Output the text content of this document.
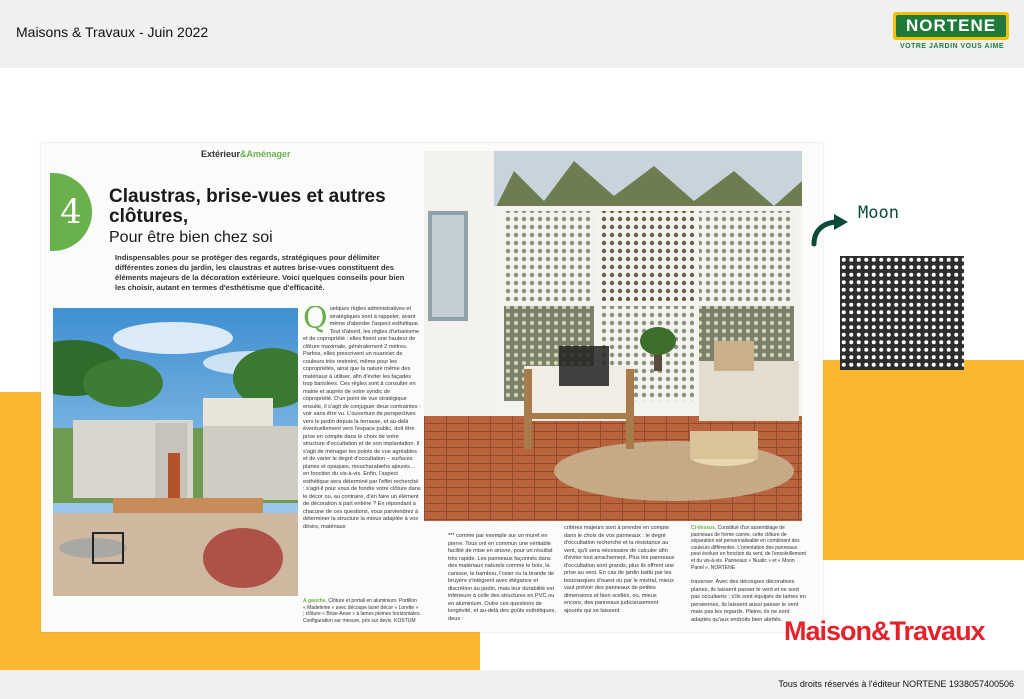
Maisons & Travaux - Juin 2022	NORTENE
VOTRE JARDIN VOUS AIME
Extérieur&Aménager
4	Claustras, brise-vues et autres clôtures,
Pour être bien chez soi
Indispensables pour se protéger des regards, stratégiques pour délimiter différentes zones du jardin, les claustras et autres brise-vues constituent des éléments majeurs de la décoration extérieure. Voici quelques conseils pour bien les choisir, autant en termes d'esthétisme que d'efficacité.
Quelques règles administratives et stratégiques sont à rappeler, avant même d'aborder l'aspect esthétique. Tout d'abord, les règles d'urbanisme et de copropriété : elles fixent une hauteur de clôture maximale, généralement 2 mètres. Parfois, elles prescrivent un nuancier de couleurs très restreint, même pour les copropriétés, ainsi que la nature même des matériaux à utiliser, afin d'éviter les façades trop bariolées. Ces règles sont à consulter en mairie et auprès de votre syndic de copropriété. D'un point de vue stratégique ensuite, il s'agit de conjuguer deux contraintes : voir sans être vu. L'ouverture de perspectives vers le jardin depuis la terrasse, et au-delà éventuellement vers l'espace public, doit être prise en compte dans le choix de votre structure d'occultation et de son implantation. Il s'agit de ménager les points de vue agréables et de varier le degré d'occultation – surfaces planes et opaques, moucharabiehs ajourés… en fonction du vis-à-vis. Enfin, l'aspect esthétique sera déterminé par l'effet recherché : s'agit-il pour vous de fondre votre clôture dans le décor ou, au contraire, d'en faire un élément de décoration à part entière ? En répondant à chacune de ces questions, vous parviendrez à déterminer la structure la mieux adaptée à vos désirs, matériaux
À gauche. Clôture et portail en aluminium. Portillon « Madeleine » avec découpe laser décor « Lorette » ; clôture « Brise-Anse » à lames pleines horizontales. Configuration sur mesure, prix sur devis. KOSTUM
*** comme par exemple sur un muret en pierre. Tous ont en commun une véritable facilité de mise en œuvre, pour un résultat très rapide. Les panneaux façonnés dans des matériaux naturels comme le bois, la canisse, le bambou, l'osier ou la brande de bruyère s'intègrent avec élégance et discrétion au jardin, mais leur durabilité est inférieure à celle des structures en PVC ou en aluminium. Outre ces questions de longévité, et au-delà des goûts esthétiques, deux
critères majeurs sont à prendre en compte dans le choix de vos panneaux : le degré d'occultation recherché et la résistance au vent, qu'il sera nécessaire de calculer afin d'éviter tout arrachement. Plus les panneaux d'occultation sont grands, plus ils offrent une prise au vent. En cas de jardin battu par les bourrasques d'ouest ou par le mistral, mieux vaut prévoir des panneaux de petites dimensions et bien scellés, ou, mieux encore, des panneaux judicieusement ajourés qui se laissent
Ci-dessus. Constitué d'un assemblage de panneaux de forme carrée, cette clôture de séparation est personnalisable en combinant des couleurs différentes. L'orientation des panneaux peut évoluer en fonction du vent, de l'ensoleillement et du vis-à-vis. Panneaux « Nuatic » et « Moon Panel ». NORTENE
traverser. Avec des découpes décoratives planes, ils laissent passer le vent et ne sont pas occultants ; s'ils sont équipés de lames en persiennes, ils laissent aussi passer le vent mais pas les regards. Pleins, ils ne sont adaptés qu'aux endroits bien abrités.
Moon
Maison&Travaux
Tous droits réservés à l'éditeur NORTENE 1938057400506
